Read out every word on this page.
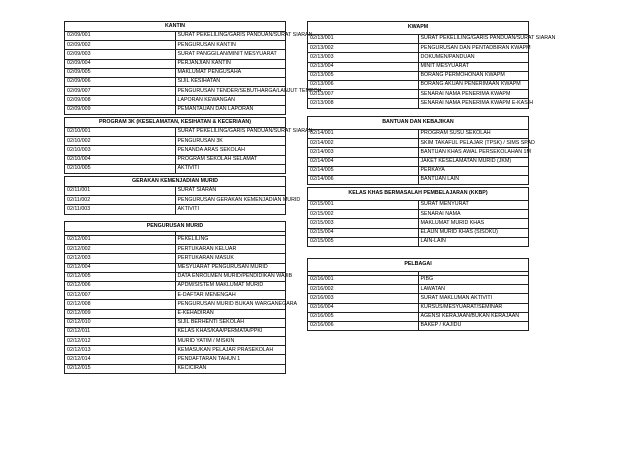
KANTIN	
02/09/001	SURAT PEKELILING/GARIS PANDUAN/SURAT SIARAN
02/09/002	PENGURUSAN KANTIN
02/09/003	SURAT PANGGILAN/MINIT MESYUARAT
02/09/004	PERJANJIAN KANTIN
02/09/005	MAKLUMAT PENGUSAHA
02/09/006	SIJIL KESIHATAN
02/09/007	PENGURUSAN TENDER/SEBUTHARGA/LANJUT TEMPOH
02/09/008	LAPORAN KEWANGAN
02/09/009	PEMANTAUAN DAN LAPORAN
PROGRAM 3K (KESELAMATAN, KESIHATAN & KECERIAAN)	
02/10/001	SURAT PEKELILING/GARIS PANDUAN/SURAT SIARAN
02/10/002	PENGURUSAN 3K
02/10/003	PENANDA ARAS SEKOLAH
02/10/004	PROGRAM SEKOLAH SELAMAT
02/10/005	AKTIVITI
GERAKAN KEMENJADIAN MURID	
02/11/001	SURAT SIARAN
02/11/002	PENGURUSAN GERAKAN KEMENJADIAN MURID
02/11/003	AKTIVITI
PENGURUSAN MURID	

02/12/001	PEKELILING
02/12/002	PERTUKARAN KELUAR
02/12/003	PERTUKARAN MASUK
02/12/004	MESYUARAT PENGURUSAN MURID
02/12/005	DATA ENROLMEN MURID/PENDIDIKAN WAJIB
02/12/006	APDM/SISTEM MAKLUMAT MURID
02/12/007	E-DAFTAR MENENGAH
02/12/008	PENGURUSAN MURID BUKAN WARGANEGARA
02/12/009	E-KEHADIRAN
02/12/010	SIJIL BERHENTI SEKOLAH
02/12/011	KELAS KHAS/KAA/PERMATA/PPKI
02/12/012	MURID YATIM / MISKIN
02/12/013	KEMASUKAN PELAJAR PRASEKOLAH
02/12/014	PENDAFTARAN TAHUN 1
02/12/015	KECICIRAN
KWAPM	
02/13/001	SURAT PEKELILING/GARIS PANDUAN/SURAT SIARAN
02/13/002	PENGURUSAN DAN PENTADBIRAN KWAPM
02/13/003	DOKUMEN/PANDUAN
02/13/004	MINIT MESYUARAT
02/13/005	BORANG PERMOHONAN KWAPM
02/13/006	BORANG AKUAN PENERIMAAN KWAPM
02/13/007	SENARAI NAMA PENERIMA KWAPM
02/13/008	SENARAI NAMA PENERIMA KWAPM E-KASIH
BANTUAN DAN KEBAJIKAN	
02/14/001	PROGRAM SUSU SEKOLAH
02/14/002	SKIM TAKAFUL PELAJAR (TPSK) / SIMS SPAD
02/14/003	BANTUAN KHAS AWAL PERSEKOLAHAN 1M
02/14/004	JAKET KESELAMATAN MURID (JKM)
02/14/005	PERKAYA
02/14/006	BANTUAN LAIN
KELAS KHAS BERMASALAH PEMBELAJARAN (KKBP)	
02/15/001	SURAT MENYURAT
02/15/002	SENARAI NAMA
02/15/003	MAKLUMAT MURID KHAS
02/15/004	ELAUN MURID KHAS (SISOKU)
02/15/005	LAIN-LAIN
PELBAGAI	

02/16/001	PIBG
02/16/002	LAWATAN
02/16/003	SURAT MAKLUMAN AKTIVITI
02/16/004	KURSUS/MESYUARAT/SEMINAR
02/16/005	AGENSI KERAJAAN/BUKAN KERAJAAN
02/16/006	BAKEP / KAJIDU
